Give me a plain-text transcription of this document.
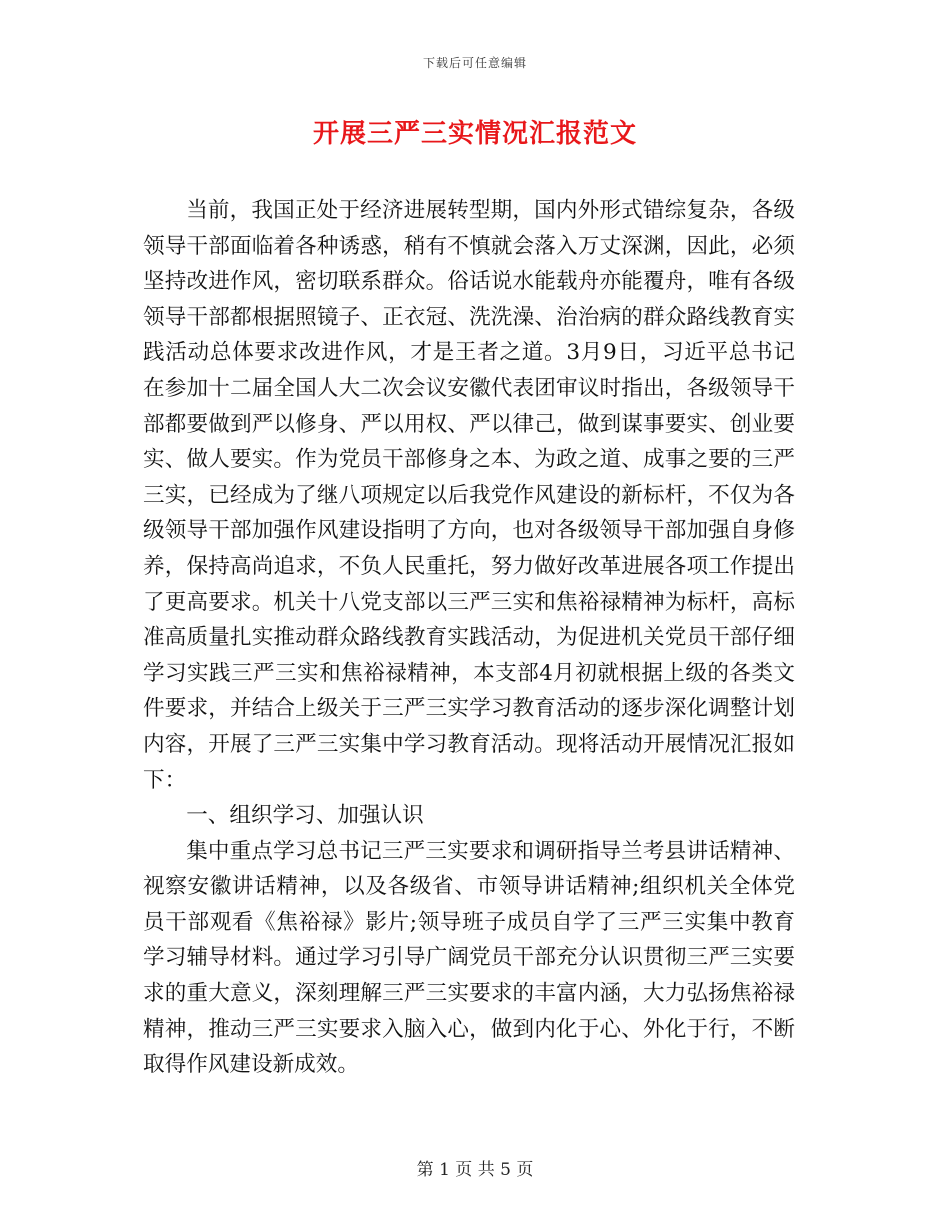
下载后可任意编辑
开展三严三实情况汇报范文

当前，我国正处于经济进展转型期，国内外形式错综复杂，各级领导干部面临着各种诱惑，稍有不慎就会落入万丈深渊，因此，必须坚持改进作风，密切联系群众。俗话说水能载舟亦能覆舟，唯有各级领导干部都根据照镜子、正衣冠、洗洗澡、治治病的群众路线教育实践活动总体要求改进作风，才是王者之道。3月9日，习近平总书记在参加十二届全国人大二次会议安徽代表团审议时指出，各级领导干部都要做到严以修身、严以用权、严以律己，做到谋事要实、创业要实、做人要实。作为党员干部修身之本、为政之道、成事之要的三严三实，已经成为了继八项规定以后我党作风建设的新标杆，不仅为各级领导干部加强作风建设指明了方向，也对各级领导干部加强自身修养，保持高尚追求，不负人民重托，努力做好改革进展各项工作提出了更高要求。机关十八党支部以三严三实和焦裕禄精神为标杆，高标准高质量扎实推动群众路线教育实践活动，为促进机关党员干部仔细学习实践三严三实和焦裕禄精神，本支部4月初就根据上级的各类文件要求，并结合上级关于三严三实学习教育活动的逐步深化调整计划内容，开展了三严三实集中学习教育活动。现将活动开展情况汇报如下：

一、组织学习、加强认识

集中重点学习总书记三严三实要求和调研指导兰考县讲话精神、视察安徽讲话精神，以及各级省、市领导讲话精神;组织机关全体党员干部观看《焦裕禄》影片;领导班子成员自学了三严三实集中教育学习辅导材料。通过学习引导广阔党员干部充分认识贯彻三严三实要求的重大意义，深刻理解三严三实要求的丰富内涵，大力弘扬焦裕禄精神，推动三严三实要求入脑入心，做到内化于心、外化于行，不断取得作风建设新成效。

第 1 页 共 5 页
